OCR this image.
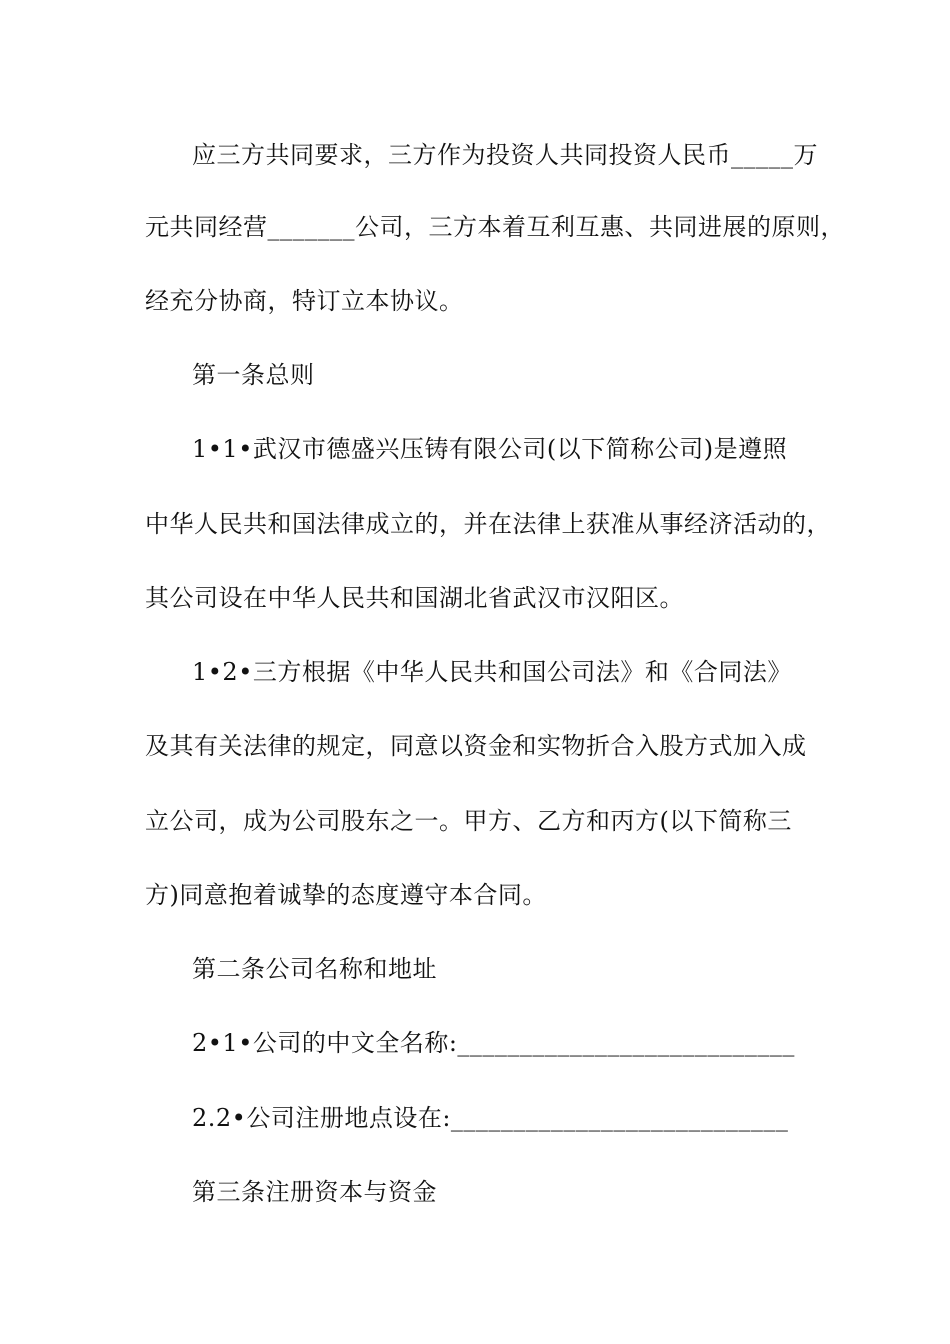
应三方共同要求，三方作为投资人共同投资人民币_____万
元共同经营_______公司，三方本着互利互惠、共同进展的原则，
经充分协商，特订立本协议。
第一条总则
1•1•武汉市德盛兴压铸有限公司(以下简称公司)是遵照
中华人民共和国法律成立的，并在法律上获准从事经济活动的，
其公司设在中华人民共和国湖北省武汉市汉阳区。
1•2•三方根据《中华人民共和国公司法》和《合同法》
及其有关法律的规定，同意以资金和实物折合入股方式加入成
立公司，成为公司股东之一。甲方、乙方和丙方(以下简称三
方)同意抱着诚挚的态度遵守本合同。
第二条公司名称和地址
2•1•公司的中文全名称:___________________________
2.2•公司注册地点设在:___________________________
第三条注册资本与资金
